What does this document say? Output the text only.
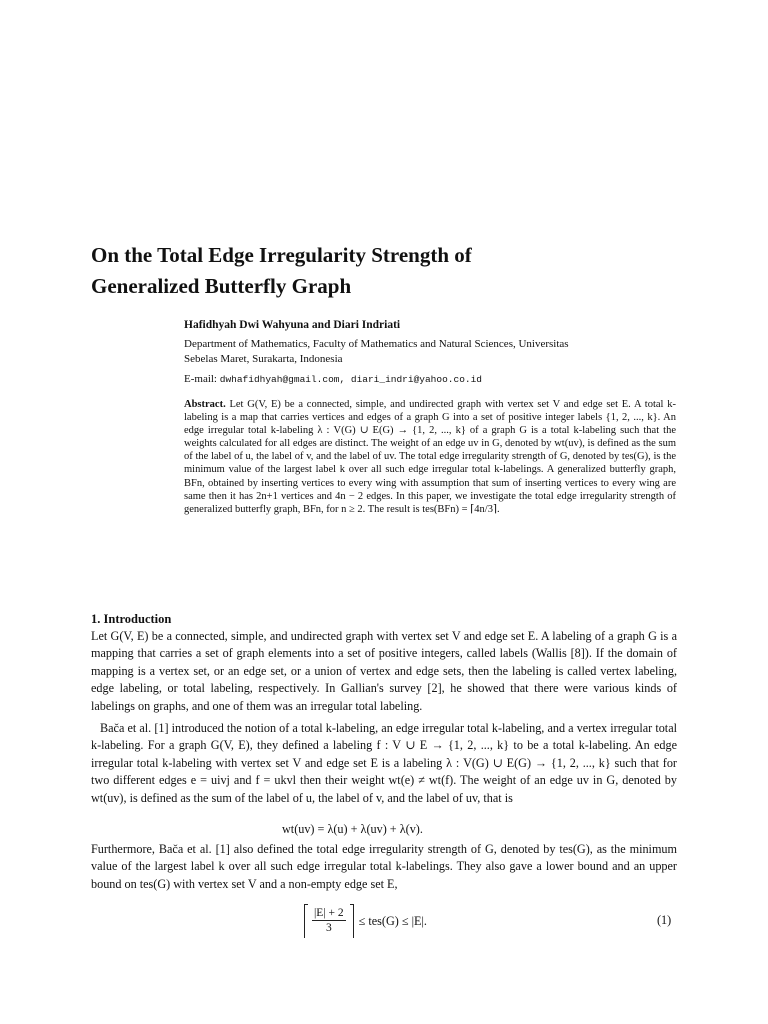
On the Total Edge Irregularity Strength of
Generalized Butterfly Graph
Hafidhyah Dwi Wahyuna and Diari Indriati
Department of Mathematics, Faculty of Mathematics and Natural Sciences, Universitas
Sebelas Maret, Surakarta, Indonesia
E-mail: dwhafidhyah@gmail.com, diari_indri@yahoo.co.id

Abstract. Let G(V, E) be a connected, simple, and undirected graph with vertex set V and edge set E. A total k-labeling is a map that carries vertices and edges of a graph G into a set of positive integer labels {1, 2, ..., k}. An edge irregular total k-labeling λ : V(G) ∪ E(G) → {1, 2, ..., k} of a graph G is a total k-labeling such that the weights calculated for all edges are distinct. The weight of an edge uv in G, denoted by wt(uv), is defined as the sum of the label of u, the label of v, and the label of uv. The total edge irregularity strength of G, denoted by tes(G), is the minimum value of the largest label k over all such edge irregular total k-labelings. A generalized butterfly graph, BFn, obtained by inserting vertices to every wing with assumption that sum of inserting vertices to every wing are same then it has 2n+1 vertices and 4n − 2 edges. In this paper, we investigate the total edge irregularity strength of generalized butterfly graph, BFn, for n ≥ 2. The result is tes(BFn) = ⌈4n/3⌉.

1. Introduction

Let G(V, E) be a connected, simple, and undirected graph with vertex set V and edge set E. A labeling of a graph G is a mapping that carries a set of graph elements into a set of positive integers, called labels (Wallis [8]). If the domain of mapping is a vertex set, or an edge set, or a union of vertex and edge sets, then the labeling is called vertex labeling, edge labeling, or total labeling, respectively. In Gallian's survey [2], he showed that there were various kinds of labelings on graphs, and one of them was an irregular total labeling.

Bača et al. [1] introduced the notion of a total k-labeling, an edge irregular total k-labeling, and a vertex irregular total k-labeling. For a graph G(V, E), they defined a labeling f : V ∪ E → {1, 2, ..., k} to be a total k-labeling. An edge irregular total k-labeling with vertex set V and edge set E is a labeling λ : V(G) ∪ E(G) → {1, 2, ..., k} such that for two different edges e = uivj and f = ukvl then their weight wt(e) ≠ wt(f). The weight of an edge uv in G, denoted by wt(uv), is defined as the sum of the label of u, the label of v, and the label of uv, that is

wt(uv) = λ(u) + λ(uv) + λ(v).

Furthermore, Bača et al. [1] also defined the total edge irregularity strength of G, denoted by tes(G), as the minimum value of the largest label k over all such edge irregular total k-labelings. They also gave a lower bound and an upper bound on tes(G) with vertex set V and a non-empty edge set E,

$\frac{|E| + 2}{3} \le tes(G) \le |E|$.	(1)
